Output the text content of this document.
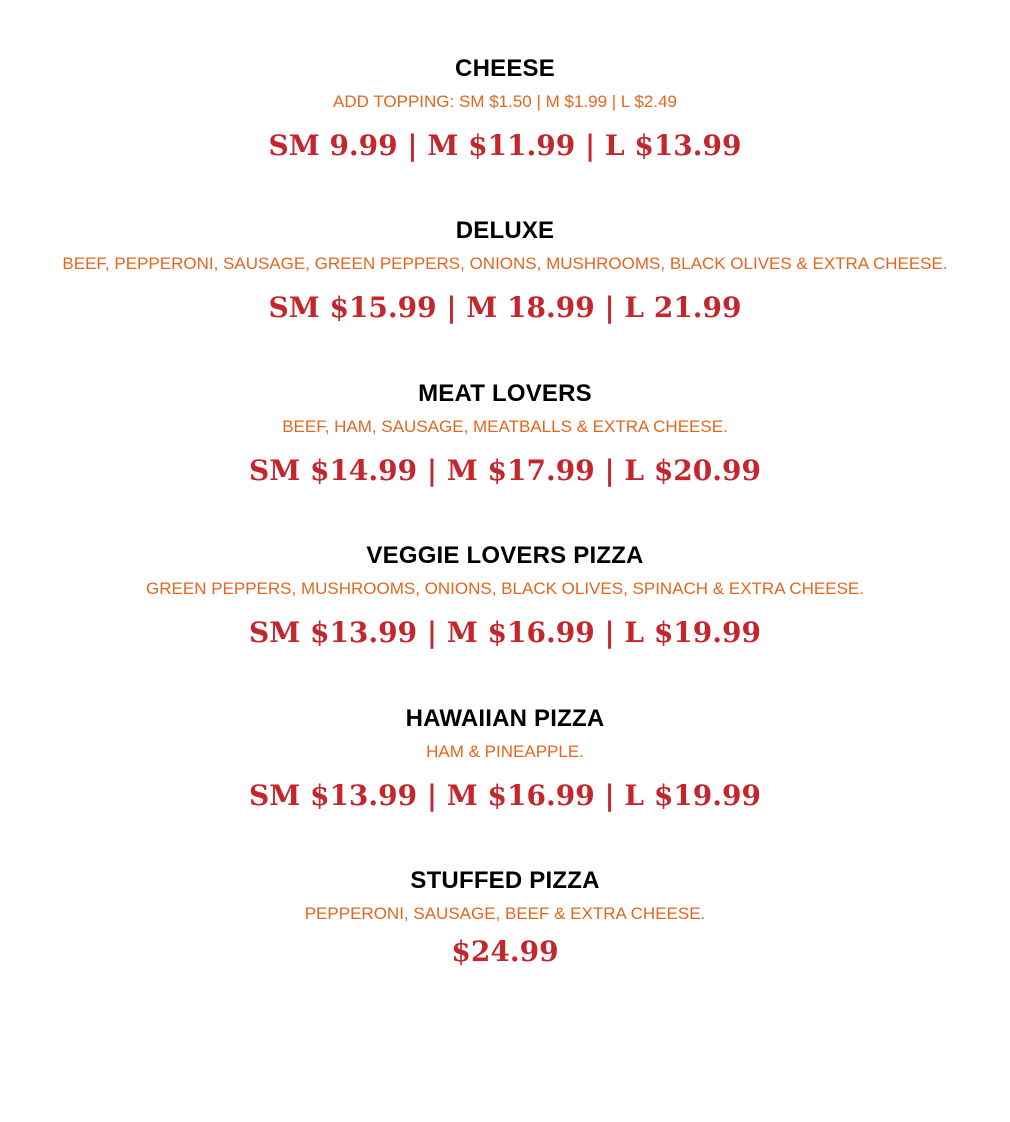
CHEESE
ADD TOPPING: SM $1.50 | M $1.99 | L $2.49
SM 9.99 | M $11.99 | L $13.99
DELUXE
BEEF, PEPPERONI, SAUSAGE, GREEN PEPPERS, ONIONS, MUSHROOMS, BLACK OLIVES & EXTRA CHEESE.
SM $15.99 | M 18.99 | L 21.99
MEAT LOVERS
BEEF, HAM, SAUSAGE, MEATBALLS & EXTRA CHEESE.
SM $14.99 | M $17.99 | L $20.99
VEGGIE LOVERS PIZZA
GREEN PEPPERS, MUSHROOMS, ONIONS, BLACK OLIVES, SPINACH & EXTRA CHEESE.
SM $13.99 | M $16.99 | L $19.99
HAWAIIAN PIZZA
HAM & PINEAPPLE.
SM $13.99 | M $16.99 | L $19.99
STUFFED PIZZA
PEPPERONI, SAUSAGE, BEEF & EXTRA CHEESE.
$24.99
